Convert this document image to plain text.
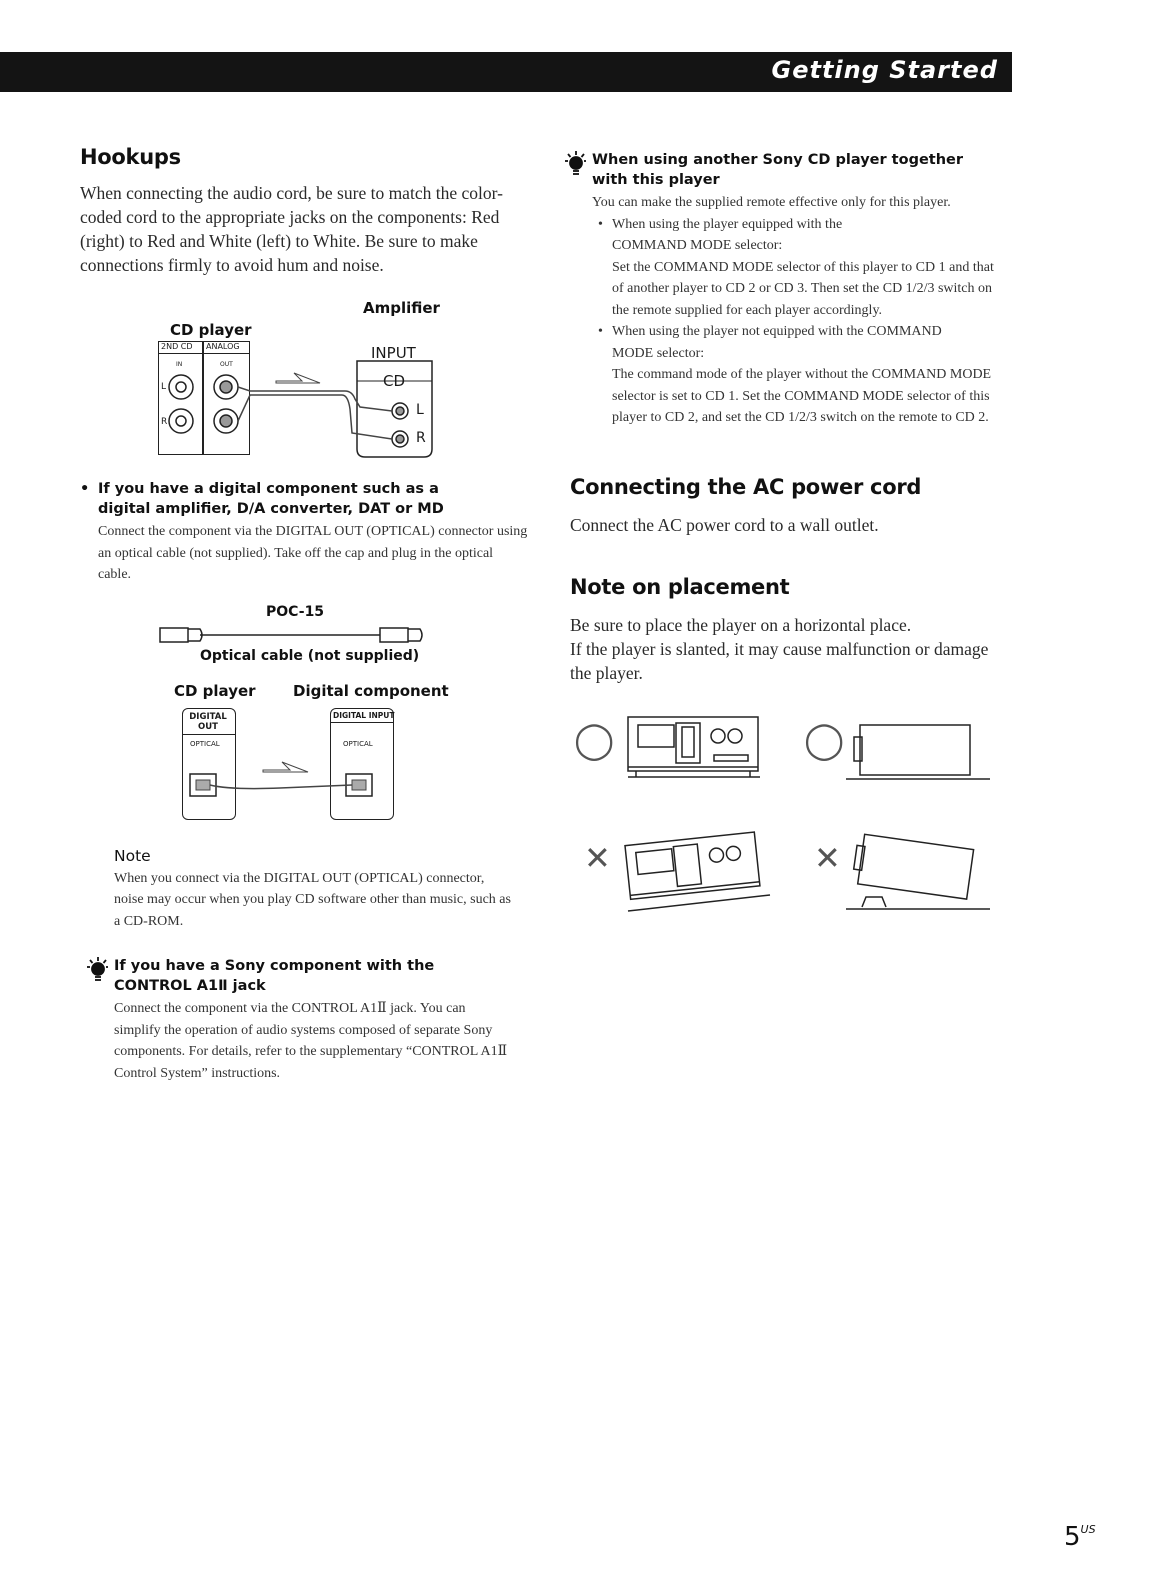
Getting Started
Hookups

When connecting the audio cord, be sure to match the color-coded cord to the appropriate jacks on the components: Red (right) to Red and White (left) to White. Be sure to make connections firmly to avoid hum and noise.

CD player
Amplifier
2ND CD ANALOG
IN	OUT
L
R
INPUT
CD
L
R
• If you have a digital component such as a digital amplifier, D/A converter, DAT or MD
Connect the component via the DIGITAL OUT (OPTICAL) connector using an optical cable (not supplied). Take off the cap and plug in the optical cable.
POC-15
Optical cable (not supplied)
CD player Digital component
DIGITAL OUT
OPTICAL
DIGITAL INPUT
OPTICAL
Note
When you connect via the DIGITAL OUT (OPTICAL) connector, noise may occur when you play CD software other than music, such as a CD-ROM.
If you have a Sony component with the CONTROL A1Ⅱ jack
Connect the component via the CONTROL A1Ⅱ jack. You can simplify the operation of audio systems composed of separate Sony components. For details, refer to the supplementary “CONTROL A1Ⅱ Control System” instructions.
When using another Sony CD player together with this player
You can make the supplied remote effective only for this player.
• When using the player equipped with the COMMAND MODE selector:
Set the COMMAND MODE selector of this player to CD 1 and that of another player to CD 2 or CD 3. Then set the CD 1/2/3 switch on the remote supplied for each player accordingly.
• When using the player not equipped with the COMMAND MODE selector:
The command mode of the player without the COMMAND MODE selector is set to CD 1. Set the COMMAND MODE selector of this player to CD 2, and set the CD 1/2/3 switch on the remote to CD 2.
Connecting the AC power cord

Connect the AC power cord to a wall outlet.

Note on placement

Be sure to place the player on a horizontal place.

If the player is slanted, it may cause malfunction or damage the player.

◯	◯
✕	✕
$5^{US}$
